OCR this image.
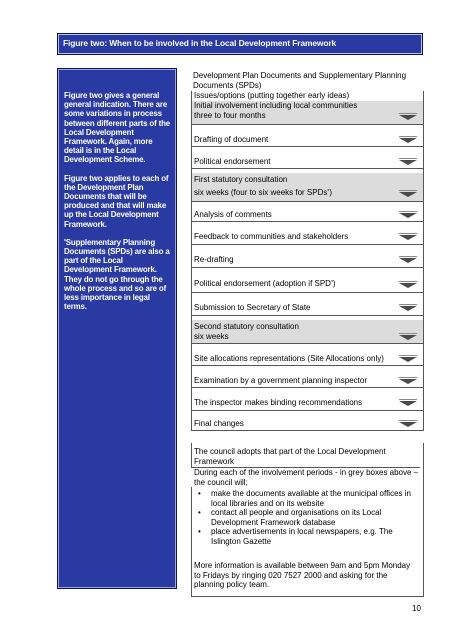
Figure two: When to be involved in the Local Development Framework

Figure two gives a general general indication. There are some variations in process between different parts of the Local Development Framework. Again, more detail is in the Local Development Scheme.

Figure two applies to each of the Development Plan Documents that will be produced and that will make up the Local Development Framework.

*Supplementary Planning Documents (SPDs) are also a part of the Local Development Framework. They do not go through the whole process and so are of less importance in legal terms.

Development Plan Documents and Supplementary Planning Documents (SPDs)
Issues/options (putting together early ideas)
Initial involvement including local communities
three to four months
Drafting of document
Political endorsement
First statutory consultation
six weeks (four to six weeks for SPDs*)
Analysis of comments
Feedback to communities and stakeholders
Re-drafting
Political endorsement (adoption if SPD*)
Submission to Secretary of State
Second statutory consultation
six weeks
Site allocations representations (Site Allocations only)
Examination by a government planning inspector
The inspector makes binding recommendations
Final changes
The council adopts that part of the Local Development Framework
During each of the involvement periods - in grey boxes above – the council will;
• make the documents available at the municipal offices in local libraries and on its website
• contact all people and organisations on its Local Development Framework database
• place advertisements in local newspapers, e.g. The Islington Gazette
More information is available between 9am and 5pm Monday to Fridays by ringing 020 7527 2000 and asking for the planning policy team.
10
